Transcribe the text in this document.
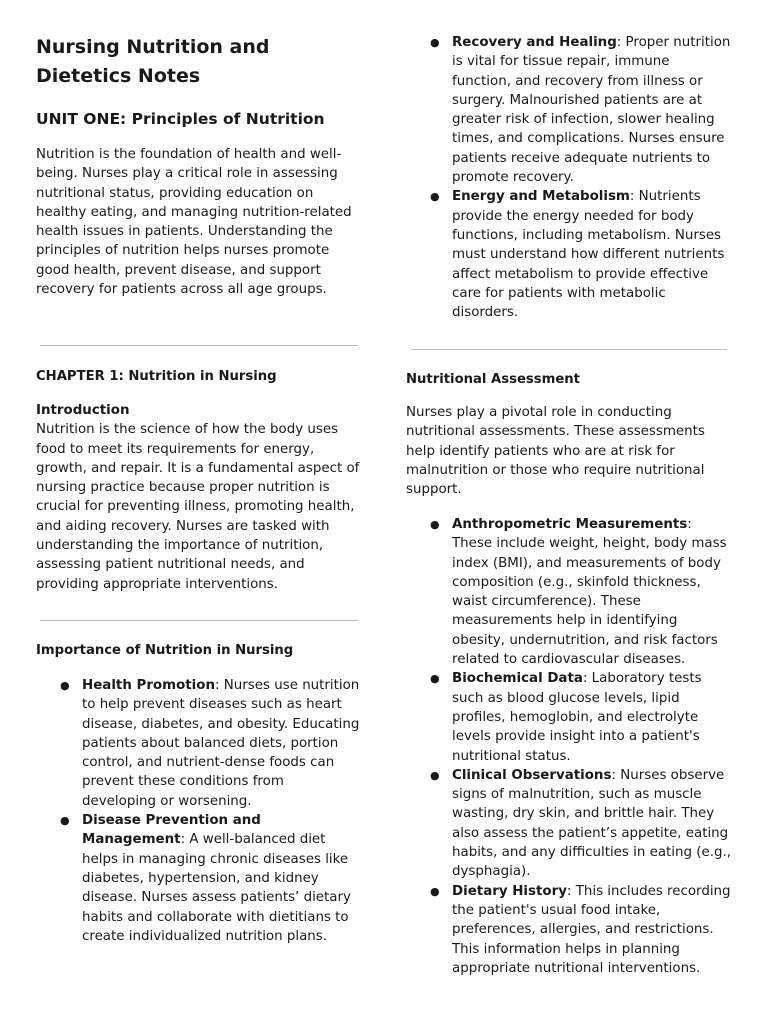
Nursing Nutrition and Dietetics Notes
UNIT ONE: Principles of Nutrition

Nutrition is the foundation of health and well-being. Nurses play a critical role in assessing nutritional status, providing education on healthy eating, and managing nutrition-related health issues in patients. Understanding the principles of nutrition helps nurses promote good health, prevent disease, and support recovery for patients across all age groups.

CHAPTER 1: Nutrition in Nursing

Introduction
Nutrition is the science of how the body uses food to meet its requirements for energy, growth, and repair. It is a fundamental aspect of nursing practice because proper nutrition is crucial for preventing illness, promoting health, and aiding recovery. Nurses are tasked with understanding the importance of nutrition, assessing patient nutritional needs, and providing appropriate interventions.

Importance of Nutrition in Nursing
● Health Promotion: Nurses use nutrition to help prevent diseases such as heart disease, diabetes, and obesity. Educating patients about balanced diets, portion control, and nutrient-dense foods can prevent these conditions from developing or worsening.
● Disease Prevention and Management: A well-balanced diet helps in managing chronic diseases like diabetes, hypertension, and kidney disease. Nurses assess patients’ dietary habits and collaborate with dietitians to create individualized nutrition plans.
● Recovery and Healing: Proper nutrition is vital for tissue repair, immune function, and recovery from illness or surgery. Malnourished patients are at greater risk of infection, slower healing times, and complications. Nurses ensure patients receive adequate nutrients to promote recovery.
● Energy and Metabolism: Nutrients provide the energy needed for body functions, including metabolism. Nurses must understand how different nutrients affect metabolism to provide effective care for patients with metabolic disorders.
Nutritional Assessment

Nurses play a pivotal role in conducting nutritional assessments. These assessments help identify patients who are at risk for malnutrition or those who require nutritional support.

● Anthropometric Measurements: These include weight, height, body mass index (BMI), and measurements of body composition (e.g., skinfold thickness, waist circumference). These measurements help in identifying obesity, undernutrition, and risk factors related to cardiovascular diseases.
● Biochemical Data: Laboratory tests such as blood glucose levels, lipid profiles, hemoglobin, and electrolyte levels provide insight into a patient's nutritional status.
● Clinical Observations: Nurses observe signs of malnutrition, such as muscle wasting, dry skin, and brittle hair. They also assess the patient’s appetite, eating habits, and any difficulties in eating (e.g., dysphagia).
● Dietary History: This includes recording the patient's usual food intake, preferences, allergies, and restrictions. This information helps in planning appropriate nutritional interventions.
